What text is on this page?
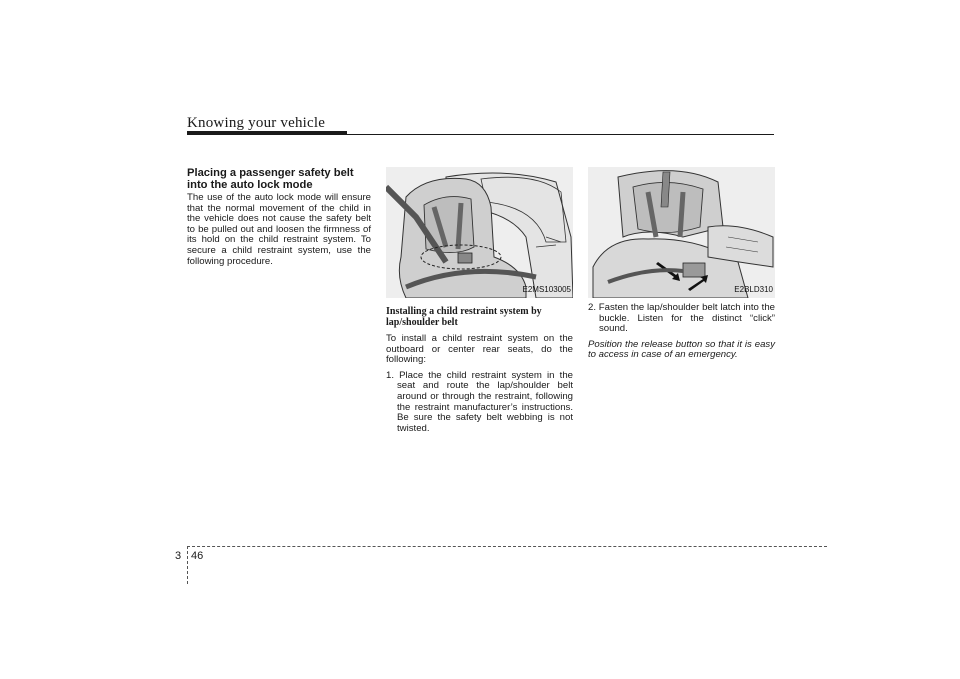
Knowing your vehicle
Placing a passenger safety belt into the auto lock mode

The use of the auto lock mode will ensure that the normal movement of the child in the vehicle does not cause the safety belt to be pulled out and loosen the firmness of its hold on the child restraint system. To secure a child restraint system, use the following procedure.

E2MS103005
Installing a child restraint system by lap/shoulder belt

To install a child restraint system on the outboard or center rear seats, do the following:

1. Place the child restraint system in the seat and route the lap/shoulder belt around or through the restraint, following the restraint manufacturer’s instructions. Be sure the safety belt webbing is not twisted.

E2BLD310

2. Fasten the lap/shoulder belt latch into the buckle. Listen for the distinct “click” sound.

Position the release button so that it is easy to access in case of an emergency.

3 46
